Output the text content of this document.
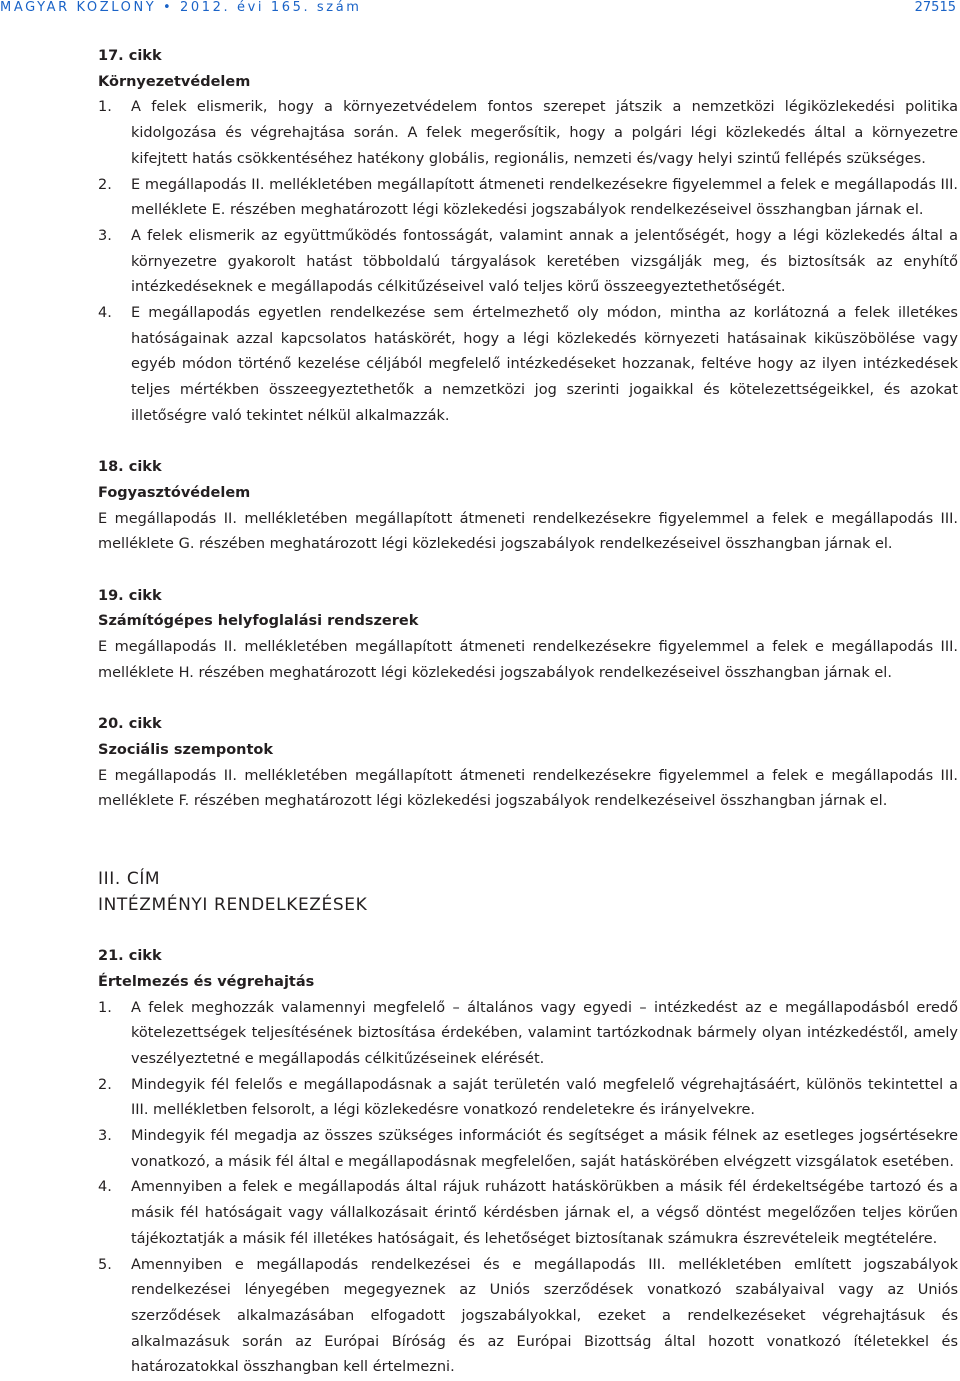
MAGYAR KÖZLÖNY • 2012. évi 165. szám	27515
17. cikk
Környezetvédelem
1. A felek elismerik, hogy a környezetvédelem fontos szerepet játszik a nemzetközi légiközlekedési politika kidolgozása és végrehajtása során. A felek megerősítik, hogy a polgári légi közlekedés által a környezetre kifejtett hatás csökkentéséhez hatékony globális, regionális, nemzeti és/vagy helyi szintű fellépés szükséges.
2. E megállapodás II. mellékletében megállapított átmeneti rendelkezésekre figyelemmel a felek e megállapodás III. melléklete E. részében meghatározott légi közlekedési jogszabályok rendelkezéseivel összhangban járnak el.
3. A felek elismerik az együttműködés fontosságát, valamint annak a jelentőségét, hogy a légi közlekedés által a környezetre gyakorolt hatást többoldalú tárgyalások keretében vizsgálják meg, és biztosítsák az enyhítő intézkedéseknek e megállapodás célkitűzéseivel való teljes körű összeegyeztethetőségét.
4. E megállapodás egyetlen rendelkezése sem értelmezhető oly módon, mintha az korlátozná a felek illetékes hatóságainak azzal kapcsolatos hatáskörét, hogy a légi közlekedés környezeti hatásainak kiküszöbölése vagy egyéb módon történő kezelése céljából megfelelő intézkedéseket hozzanak, feltéve hogy az ilyen intézkedések teljes mértékben összeegyeztethetők a nemzetközi jog szerinti jogaikkal és kötelezettségeikkel, és azokat illetőségre való tekintet nélkül alkalmazzák.
18. cikk
Fogyasztóvédelem
E megállapodás II. mellékletében megállapított átmeneti rendelkezésekre figyelemmel a felek e megállapodás III. melléklete G. részében meghatározott légi közlekedési jogszabályok rendelkezéseivel összhangban járnak el.
19. cikk
Számítógépes helyfoglalási rendszerek
E megállapodás II. mellékletében megállapított átmeneti rendelkezésekre figyelemmel a felek e megállapodás III. melléklete H. részében meghatározott légi közlekedési jogszabályok rendelkezéseivel összhangban járnak el.
20. cikk
Szociális szempontok
E megállapodás II. mellékletében megállapított átmeneti rendelkezésekre figyelemmel a felek e megállapodás III. melléklete F. részében meghatározott légi közlekedési jogszabályok rendelkezéseivel összhangban járnak el.
III. CÍM
INTÉZMÉNYI RENDELKEZÉSEK
21. cikk
Értelmezés és végrehajtás
1. A felek meghozzák valamennyi megfelelő – általános vagy egyedi – intézkedést az e megállapodásból eredő kötelezettségek teljesítésének biztosítása érdekében, valamint tartózkodnak bármely olyan intézkedéstől, amely veszélyeztetné e megállapodás célkitűzéseinek elérését.
2. Mindegyik fél felelős e megállapodásnak a saját területén való megfelelő végrehajtásáért, különös tekintettel a III. mellékletben felsorolt, a légi közlekedésre vonatkozó rendeletekre és irányelvekre.
3. Mindegyik fél megadja az összes szükséges információt és segítséget a másik félnek az esetleges jogsértésekre vonatkozó, a másik fél által e megállapodásnak megfelelően, saját hatáskörében elvégzett vizsgálatok esetében.
4. Amennyiben a felek e megállapodás által rájuk ruházott hatáskörükben a másik fél érdekeltségébe tartozó és a másik fél hatóságait vagy vállalkozásait érintő kérdésben járnak el, a végső döntést megelőzően teljes körűen tájékoztatják a másik fél illetékes hatóságait, és lehetőséget biztosítanak számukra észrevételeik megtételére.
5. Amennyiben e megállapodás rendelkezései és e megállapodás III. mellékletében említett jogszabályok rendelkezései lényegében megegyeznek az Uniós szerződések vonatkozó szabályaival vagy az Uniós szerződések alkalmazásában elfogadott jogszabályokkal, ezeket a rendelkezéseket végrehajtásuk és alkalmazásuk során az Európai Bíróság és az Európai Bizottság által hozott vonatkozó ítéletekkel és határozatokkal összhangban kell értelmezni.
